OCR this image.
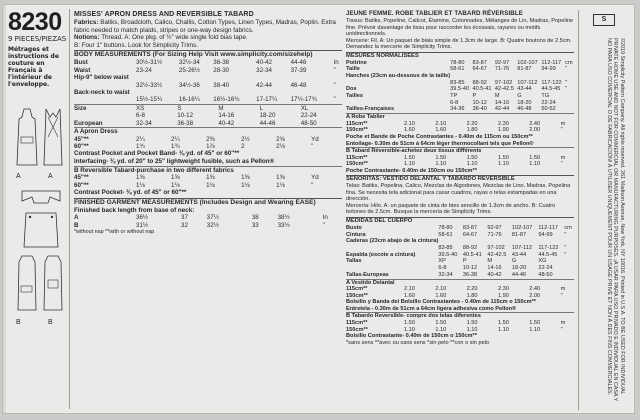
8230
9 PIECES/PIEZAS
Métrages et instructions de couture en Français à l'intérieur de l'enveloppe.
A	A
B	B
MISSES' APRON DRESS AND REVERSIBLE TABARD
Fabrics: Batiks, Broadcloth, Calico, Challis, Cotton Types, Linen Types, Madras, Poplin. Extra fabric needed to match plaids, stripes or one-way design fabrics.
Notions: Thread. A: One pkg. of ½" wide single fold bias tape.
B: Four 1" buttons. Look for Simplicity Trims.
BODY MEASUREMENTS (For Sizing Help Visit www.simplicity.com/sizehelp)
Bust	30½-31½	32½-34	36-38	40-42	44-46	In
Waist	23-24	25-26½	28-30	32-34	37-39	"
Hip-9" below waist						
	32½-33½	34½-36	38-40	42-44	46-48	"
Back-neck to waist						
	15½-15¾	16-16¼	16½-16¾	17-17¼	17½-17¾	"
Size	XS	S	M	L	XL	
	6-8	10-12	14-16	18-20	22-24	
European	32-34	36-38	40-42	44-46	48-50	
A Apron Dress
45"**	2¼	2¼	2⅜	2½	2⅝	Yd
60"**	1¾	1¾	1⅞	2	2⅛	"
Contrast Pocket and Pocket Band- ⅜ yd. of 45" or 60"**
Interfacing- ⅜ yd. of 20" to 25" lightweight fusible, such as Pellon®
B Reversible Tabard-purchase in two different fabrics
45"**	1⅝	1⅝	1⅝	1⅝	1⅝	Yd
60"**	1⅛	1⅛	1⅛	1⅛	1⅛	"
Contrast Pocket- ⅜ yd. of 45" or 60"**
FINISHED GARMENT MEASUREMENTS (Includes Design and Wearing EASE)
Finished back length from base of neck:
A	36½	37	37½	38	38½	In
B	31½	32	32½	33	33½	"
*without nap **with or without nap
JEUNE FEMME. ROBE TABLIER ET TABARD RÉVERSIBLE
Tissus: Batiks, Popeline, Calicot, Étamine, Cotonnades, Mélanges de Lin, Madras, Popeline fine. Prévoir davantage de tissu pour raccorder les écossais, rayures ou motifs unidirectionnels.
Mercerie: Fil. A: Un paquet de biais simple de 1.3cm de large. B: Quatre boutons de 2.5cm. Demandez la mercerie de Simplicity Trims.
MESURES NORMALISÉES
Poitrine	78-80	83-87	92-97	102-107	112-117	cm
Taille	58-61	64-67	71-76	81-87	94-99	"
Hanches (23cm au-dessous de la taille)						
	83-85	88-92	97-102	107-112	117-122	"
Dos	39.5-40	40.5-41	42-42.5	43-44	44.5-45	"
Tailles	TP	P	M	G	TG	
	6-8	10-12	14-16	18-20	22-24	
Tailles-Françaises	34-36	38-40	42-44	46-48	50-52	
A Robe Tablier
115cm**	2.10	2.10	2.20	2.30	2.40	m
150cm**	1.60	1.60	1.80	1.90	2.00	"
Poche et Bande de Poche Contrastantes - 0.40m de 115cm ou 150cm**
Entoilage- 0.30m de 51cm à 64cm léger thermocollant tels que Pellon®
B Tabard Réversible-achetez deux tissus différents
115cm**	1.50	1.50	1.50	1.50	1.50	m
150cm**	1.10	1.10	1.10	1.10	1.10	"
Poche Contrastante- 0.40m de 150cm ou 150cm**
SEÑORITAS: VESTIDO DELANTAL Y TABARDO REVERSIBLE
Telas: Batiks, Popelina, Calico, Mezclas de Algodones, Mezclas de Lino, Madras, Popelina fina. Se necesita tela adicional para casar cuadros, rayas o telas estampadas en una dirección.
Mercería: Hilo. A: un paquete de cinta de bies sencillo de 1.3cm de ancho. B: Cuatro botones de 2.5cm. Busque la mercería de Simplicity Trims.
MEDIDAS DEL CUERPO
Busto	78-80	83-87	92-97	102-107	112-117	cm
Cintura	58-61	64-67	71-76	81-87	94-99	"
Caderas (23cm abajo de la cintura)						
	83-85	88-92	97-102	107-112	117-122	"
Espalda (escote a cintura)	39.5-40	40.5-41	42-42.5	43-44	44.5-45	"
Tallas	XP	P	M	G	XG	
	6-8	10-12	14-16	18-20	22-24	
Tallas-Europeas	32-34	36-38	40-42	44-46	48-50	
A Vestido Delantal
115cm**	2.10	2.10	2.20	2.30	2.40	m
150cm**	1.60	1.60	1.80	1.90	2.00	"
Bolsillo y Banda del Bolsillo Contrastantes - 0.40m de 115cm o 150cm**
Entretela - 0.30m de 51cm a 64cm ligera adhesiva como Pellon®
B Tabardo Reversible- compre dos telas diferentes
115cm**	1.50	1.50	1.50	1.50	1.50	m
150cm**	1.10	1.10	1.10	1.10	1.10	"
Bolsillo Contrastante- 0.40m de 150cm o 150cm**
*sans sens **avec ou sans sens *sin pelo **con o sin pelo
S
©2019 Simplicity Pattern Company. All rights reserved. 261 Madison Avenue, New York, NY 10016. Printed in U.S.A. TO BE USED FOR INDIVIDUAL PRIVATE HOME USE AND NOT FOR COMMERCIAL OR MANUFACTURING PURPOSES. ¡A USAR PARA USO PRIVADO E INDIVIDUAL EN CASA Y NO PARA USO COMERCIAL O DE FABRICACIÓN! À UTILISER UNIQUEMENT POUR UN USAGE PRIVÉ ET NON À DES FINS COMMERCIALES.
